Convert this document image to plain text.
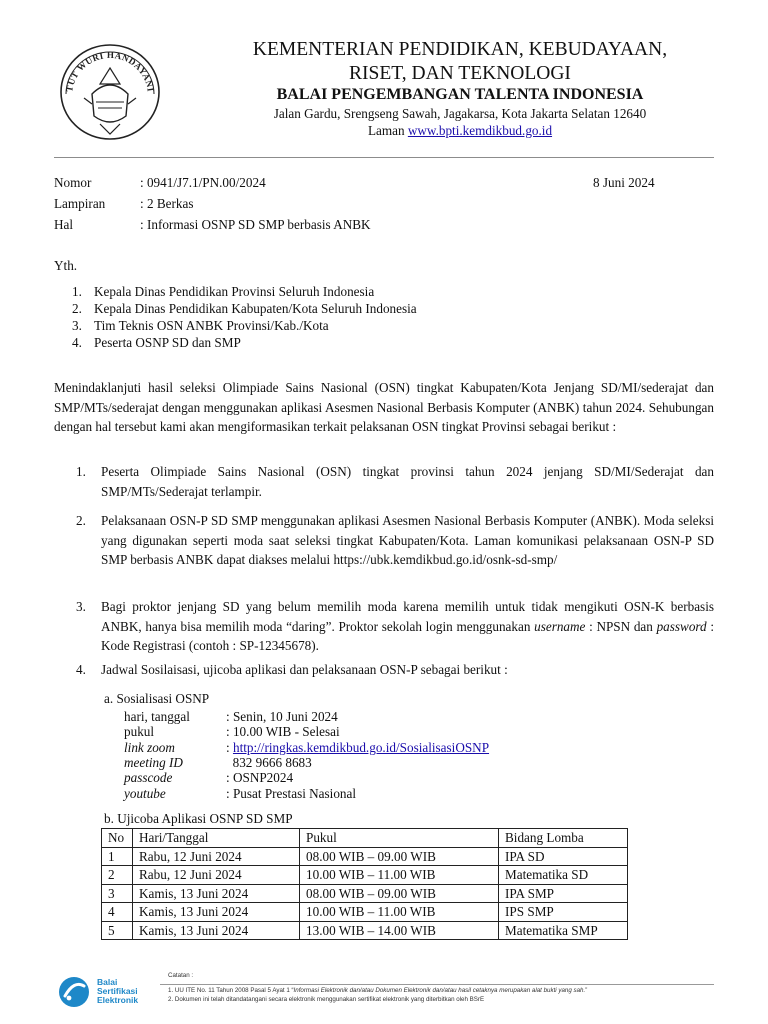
TUT WURI HANDAYANI
KEMENTERIAN PENDIDIKAN, KEBUDAYAAN,
RISET, DAN TEKNOLOGI
BALAI PENGEMBANGAN TALENTA INDONESIA
Jalan Gardu, Srengseng Sawah, Jagakarsa, Kota Jakarta Selatan 12640
Laman www.bpti.kemdikbud.go.id
Nomor	: 0941/J7.1/PN.00/2024	8 Juni 2024
Lampiran	: 2 Berkas
Hal	: Informasi OSNP SD SMP berbasis ANBK
Yth.
1. Kepala Dinas Pendidikan Provinsi Seluruh Indonesia
2. Kepala Dinas Pendidikan Kabupaten/Kota Seluruh Indonesia
3. Tim Teknis OSN ANBK Provinsi/Kab./Kota
4. Peserta OSNP SD dan SMP
Menindaklanjuti hasil seleksi Olimpiade Sains Nasional (OSN) tingkat Kabupaten/Kota Jenjang SD/MI/sederajat dan SMP/MTs/sederajat dengan menggunakan aplikasi Asesmen Nasional Berbasis Komputer (ANBK) tahun 2024. Sehubungan dengan hal tersebut kami akan mengiformasikan terkait pelaksanan OSN tingkat Provinsi sebagai berikut :
1. Peserta Olimpiade Sains Nasional (OSN) tingkat provinsi tahun 2024 jenjang SD/MI/Sederajat dan SMP/MTs/Sederajat terlampir.
2. Pelaksanaan OSN-P SD SMP menggunakan aplikasi Asesmen Nasional Berbasis Komputer (ANBK). Moda seleksi yang digunakan seperti moda saat seleksi tingkat Kabupaten/Kota. Laman komunikasi pelaksanaan OSN-P SD SMP berbasis ANBK dapat diakses melalui https://ubk.kemdikbud.go.id/osnk-sd-smp/
3. Bagi proktor jenjang SD yang belum memilih moda karena memilih untuk tidak mengikuti OSN-K berbasis ANBK, hanya bisa memilih moda “daring”. Proktor sekolah login menggunakan username : NPSN dan password : Kode Registrasi (contoh : SP-12345678).
4. Jadwal Sosilaisasi, ujicoba aplikasi dan pelaksanaan OSN-P sebagai berikut :
a. Sosialisasi OSNP
hari, tanggal	: Senin, 10 Juni 2024
pukul	: 10.00 WIB - Selesai
link zoom	: http://ringkas.kemdikbud.go.id/SosialisasiOSNP
meeting ID	832 9666 8683
passcode	: OSNP2024
youtube	: Pusat Prestasi Nasional
b. Ujicoba Aplikasi OSNP SD SMP
No	Hari/Tanggal	Pukul	Bidang Lomba
1	Rabu, 12 Juni 2024	08.00 WIB – 09.00 WIB	IPA SD
2	Rabu, 12 Juni 2024	10.00 WIB – 11.00 WIB	Matematika SD
3	Kamis, 13 Juni 2024	08.00 WIB – 09.00 WIB	IPA SMP
4	Kamis, 13 Juni 2024	10.00 WIB – 11.00 WIB	IPS SMP
5	Kamis, 13 Juni 2024	13.00 WIB – 14.00 WIB	Matematika SMP
Balai
Sertifikasi
Elektronik
Catatan :
1. UU ITE No. 11 Tahun 2008 Pasal 5 Ayat 1 “Informasi Elektronik dan/atau Dokumen Elektronik dan/atau hasil cetaknya merupakan alat bukti yang sah.”
2. Dokumen ini telah ditandatangani secara elektronik menggunakan sertifikat elektronik yang diterbitkan oleh BSrE
